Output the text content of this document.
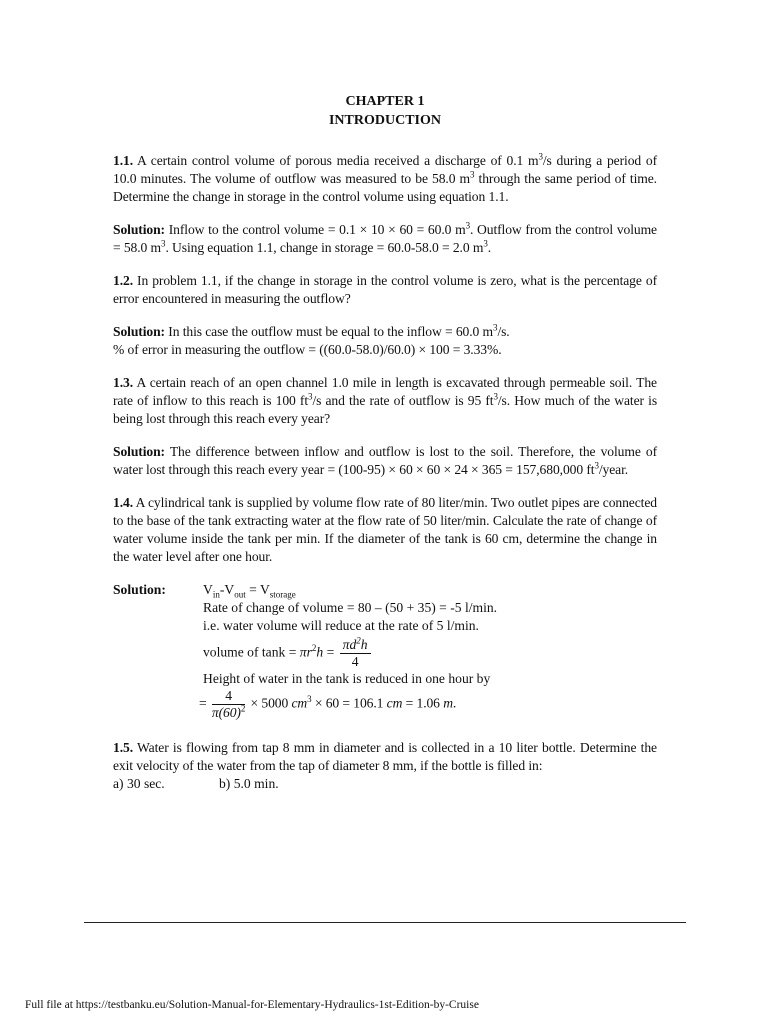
CHAPTER 1
INTRODUCTION
1.1. A certain control volume of porous media received a discharge of 0.1 $m^3/s$ during a period of 10.0 minutes. The volume of outflow was measured to be 58.0 $m^3$ through the same period of time. Determine the change in storage in the control volume using equation 1.1.
Solution: Inflow to the control volume = 0.1 × 10 × 60 = 60.0 $m^3$. Outflow from the control volume = 58.0 $m^3$. Using equation 1.1, change in storage = 60.0-58.0 = 2.0 $m^3$.
1.2. In problem 1.1, if the change in storage in the control volume is zero, what is the percentage of error encountered in measuring the outflow?
Solution: In this case the outflow must be equal to the inflow = 60.0 $m^3/s$.
% of error in measuring the outflow = ((60.0-58.0)/60.0) × 100 = 3.33%.
1.3. A certain reach of an open channel 1.0 mile in length is excavated through permeable soil. The rate of inflow to this reach is 100 $ft^3/s$ and the rate of outflow is 95 $ft^3/s$. How much of the water is being lost through this reach every year?
Solution: The difference between inflow and outflow is lost to the soil. Therefore, the volume of water lost through this reach every year = (100-95) × 60 × 60 × 24 × 365 = 157,680,000 $ft^3$/year.
1.4. A cylindrical tank is supplied by volume flow rate of 80 liter/min. Two outlet pipes are connected to the base of the tank extracting water at the flow rate of 50 liter/min. Calculate the rate of change of water volume inside the tank per min. If the diameter of the tank is 60 cm, determine the change in the water level after one hour.
Solution:	$V_{in}-V_{out} = V_{storage}$
Rate of change of volume = 80 – (50 + 35) = -5 l/min.
i.e. water volume will reduce at the rate of 5 l/min.
volume of $\tan k = \pi r^2h = \frac{\pi d^2h}{4}$
Height of water in the tank is reduced in one hour by
= $\frac{4}{\pi(60)^2} \times 5000$ $cm^3 \times 60 = 106.1$ cm = 1.06 m.
1.5. Water is flowing from tap 8 mm in diameter and is collected in a 10 liter bottle. Determine the exit velocity of the water from the tap of diameter 8 mm, if the bottle is filled in:
a) 30 sec.	b) 5.0 min.
Full file at https://testbanku.eu/Solution-Manual-for-Elementary-Hydraulics-1st-Edition-by-Cruise
